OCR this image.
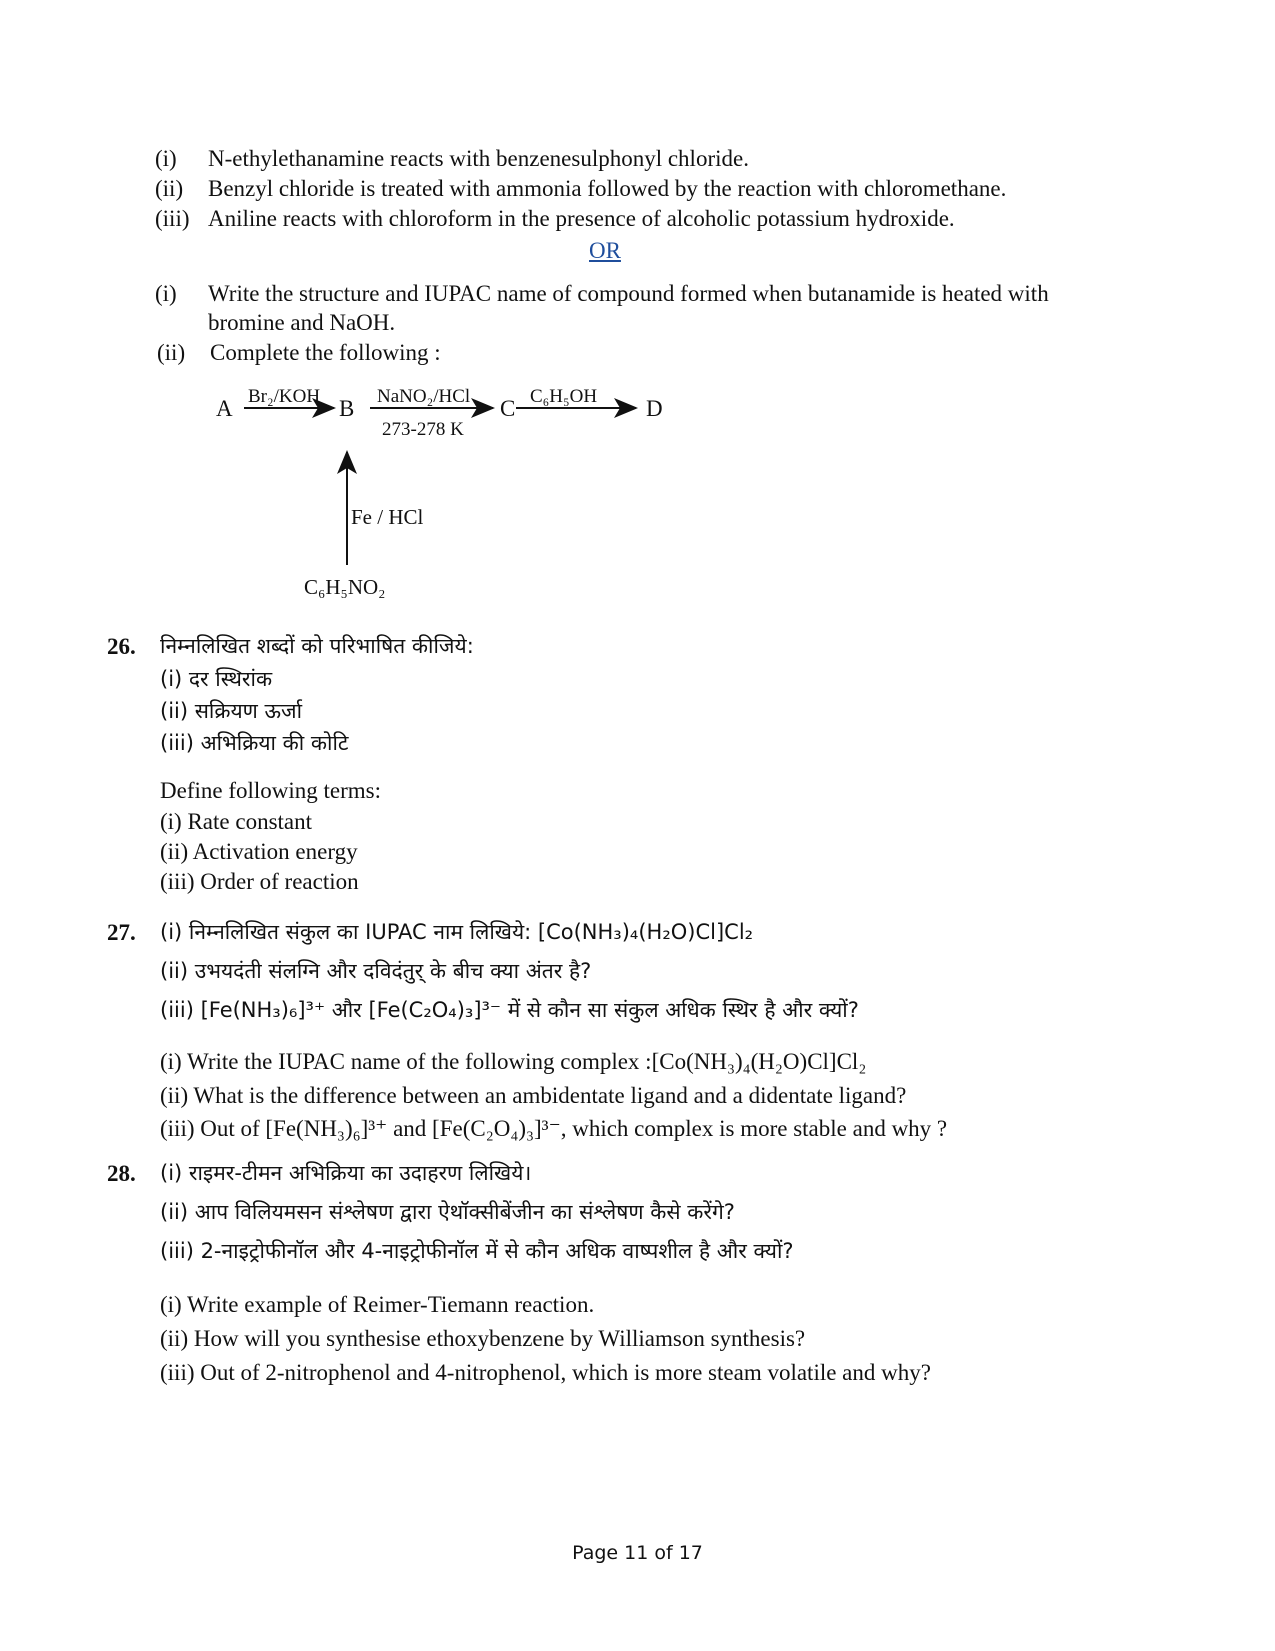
(i) N-ethylethanamine reacts with benzenesulphonyl chloride.
(ii) Benzyl chloride is treated with ammonia followed by the reaction with chloromethane.
(iii) Aniline reacts with chloroform in the presence of alcoholic potassium hydroxide.
OR
(i) Write the structure and IUPAC name of compound formed when butanamide is heated with
bromine and NaOH.
(ii) Complete the following :
A	B	C	D
Br₂/KOH	NaNO₂/HCl
273-278 K
C₆H₅OH
Fe / HCl
C₆H₅NO₂
26. निम्नलिखित शब्दों को परिभाषित कीजिये:
(i) दर स्थिरांक
(ii) सक्रियण ऊर्जा
(iii) अभिक्रिया की कोटि
Define following terms:
(i) Rate constant
(ii) Activation energy
(iii) Order of reaction
27. (i) निम्नलिखित संकुल का IUPAC नाम लिखिये: [Co(NH₃)₄(H₂O)Cl]Cl₂
(ii) उभयदंती संलग्नि और दविदंतुर् के बीच क्या अंतर है?
(iii) [Fe(NH₃)₆]³⁺ और [Fe(C₂O₄)₃]³⁻ में से कौन सा संकुल अधिक स्थिर है और क्यों?
(i) Write the IUPAC name of the following complex :[Co(NH₃)₄(H₂O)Cl]Cl₂
(ii) What is the difference between an ambidentate ligand and a didentate ligand?
(iii) Out of [Fe(NH₃)₆]³⁺ and [Fe(C₂O₄)₃]³⁻, which complex is more stable and why ?
28. (i) राइमर-टीमन अभिक्रिया का उदाहरण लिखिये।
(ii) आप विलियमसन संश्लेषण द्वारा ऐथॉक्सीबेंजीन का संश्लेषण कैसे करेंगे?
(iii) 2-नाइट्रोफीनॉल और 4-नाइट्रोफीनॉल में से कौन अधिक वाष्पशील है और क्यों?
(i) Write example of Reimer-Tiemann reaction.
(ii) How will you synthesise ethoxybenzene by Williamson synthesis?
(iii) Out of 2-nitrophenol and 4-nitrophenol, which is more steam volatile and why?
Page 11 of 17
